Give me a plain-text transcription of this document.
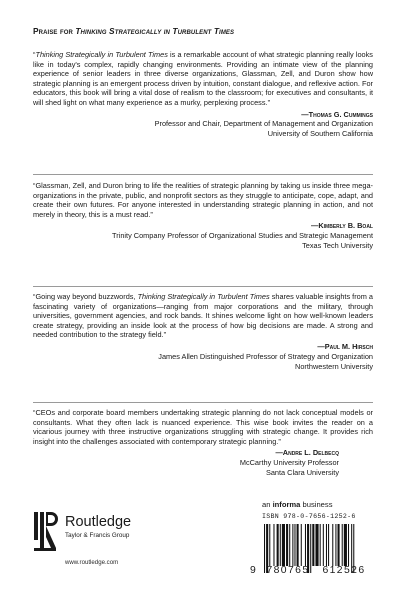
Praise for Thinking Strategically in Turbulent Times

“Thinking Strategically in Turbulent Times is a remarkable account of what strategic planning really looks like in today's complex, rapidly changing environments. Providing an intimate view of the planning experience of senior leaders in three diverse organizations, Glassman, Zell, and Duron show how strategic planning is an emergent process driven by intuition, constant dialogue, and reflexive action. For educators, this book will bring a vital dose of realism to the classroom; for executives and consultants, it will shed light on what many experience as a murky, perplexing process.”

—Thomas G. Cummings
Professor and Chair, Department of Management and Organization
University of Southern California

“Glassman, Zell, and Duron bring to life the realities of strategic planning by taking us inside three mega-organizations in the private, public, and nonprofit sectors as they struggle to anticipate, cope, adapt, and create their own futures. For anyone interested in understanding strategic planning in action, and not merely in theory, this is a must read.”

—Kimberly B. Boal
Trinity Company Professor of Organizational Studies and Strategic Management
Texas Tech University

“Going way beyond buzzwords, Thinking Strategically in Turbulent Times shares valuable insights from a fascinating variety of organizations—ranging from major corporations and the military, through universities, government agencies, and rock bands. It shines welcome light on how well-known leaders create strategy, providing an inside look at the process of how big decisions are made. A strong and needed contribution to the strategy field.”

—Paul M. Hirsch
James Allen Distinguished Professor of Strategy and Organization
Northwestern University

“CEOs and corporate board members undertaking strategic planning do not lack conceptual models or consultants. What they often lack is nuanced experience. This wise book invites the reader on a vicarious journey with three instructive organizations struggling with strategic change. It provides rich insight into the challenges associated with contemporary strategic planning.”

—Andre L. Delbecq
McCarthy University Professor
Santa Clara University
Routledge
Taylor & Francis Group
www.routledge.com
an informa business
ISBN 978-0-7656-1252-6
9	780765	612526
